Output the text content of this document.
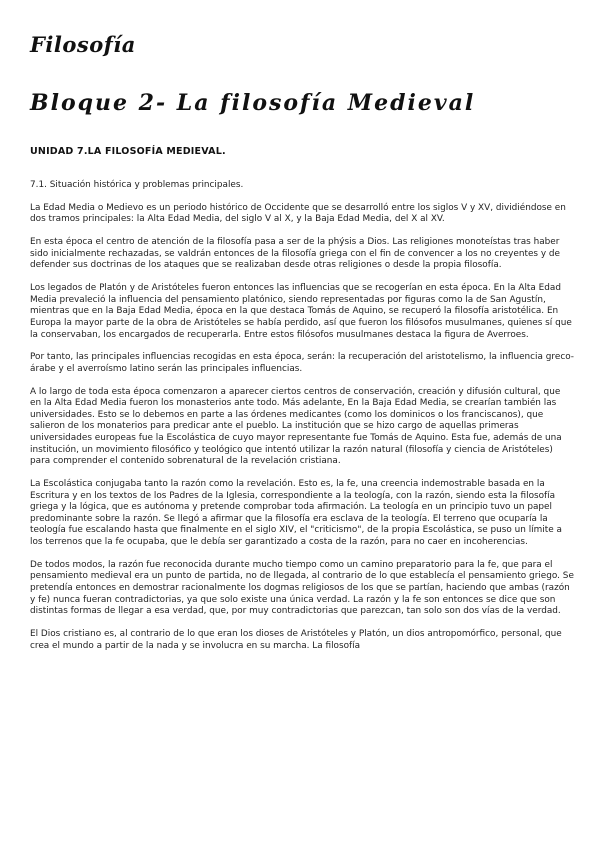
Filosofía
Bloque 2- La filosofía Medieval
UNIDAD 7.LA FILOSOFÍA MEDIEVAL.

7.1. Situación histórica y problemas principales.

La Edad Media o Medievo es un periodo histórico de Occidente que se desarrolló entre los siglos V y XV, dividiéndose en dos tramos principales: la Alta Edad Media, del siglo V al X, y la Baja Edad Media, del X al XV.

En esta época el centro de atención de la filosofía pasa a ser de la phýsis a Dios. Las religiones monoteístas tras haber sido inicialmente rechazadas, se valdrán entonces de la filosofía griega con el fin de convencer a los no creyentes y de defender sus doctrinas de los ataques que se realizaban desde otras religiones o desde la propia filosofía.

Los legados de Platón y de Aristóteles fueron entonces las influencias que se recogerían en esta época. En la Alta Edad Media prevaleció la influencia del pensamiento platónico, siendo representadas por figuras como la de San Agustín, mientras que en la Baja Edad Media, época en la que destaca Tomás de Aquino, se recuperó la filosofía aristotélica. En Europa la mayor parte de la obra de Aristóteles se había perdido, así que fueron los filósofos musulmanes, quienes sí que la conservaban, los encargados de recuperarla. Entre estos filósofos musulmanes destaca la figura de Averroes.

Por tanto, las principales influencias recogidas en esta época, serán: la recuperación del aristotelismo, la influencia greco-árabe y el averroísmo latino serán las principales influencias.

A lo largo de toda esta época comenzaron a aparecer ciertos centros de conservación, creación y difusión cultural, que en la Alta Edad Media fueron los monasterios ante todo. Más adelante, En la Baja Edad Media, se crearían también las universidades. Esto se lo debemos en parte a las órdenes medicantes (como los dominicos o los franciscanos), que salieron de los monaterios para predicar ante el pueblo. La institución que se hizo cargo de aquellas primeras universidades europeas fue la Escolástica de cuyo mayor representante fue Tomás de Aquino. Esta fue, además de una institución, un movimiento filosófico y teológico que intentó utilizar la razón natural (filosofía y ciencia de Aristóteles) para comprender el contenido sobrenatural de la revelación cristiana.

La Escolástica conjugaba tanto la razón como la revelación. Esto es, la fe, una creencia indemostrable basada en la Escritura y en los textos de los Padres de la Iglesia, correspondiente a la teología, con la razón, siendo esta la filosofía griega y la lógica, que es autónoma y pretende comprobar toda afirmación. La teología en un principio tuvo un papel predominante sobre la razón. Se llegó a afirmar que la filosofía era esclava de la teología. El terreno que ocuparía la teología fue escalando hasta que finalmente en el siglo XIV, el "criticismo", de la propia Escolástica, se puso un límite a los terrenos que la fe ocupaba, que le debía ser garantizado a costa de la razón, para no caer en incoherencias.

De todos modos, la razón fue reconocida durante mucho tiempo como un camino preparatorio para la fe, que para el pensamiento medieval era un punto de partida, no de llegada, al contrario de lo que establecía el pensamiento griego. Se pretendía entonces en demostrar racionalmente los dogmas religiosos de los que se partían, haciendo que ambas (razón y fe) nunca fueran contradictorias, ya que solo existe una única verdad. La razón y la fe son entonces se dice que son distintas formas de llegar a esa verdad, que, por muy contradictorias que parezcan, tan solo son dos vías de la verdad.

El Dios cristiano es, al contrario de lo que eran los dioses de Aristóteles y Platón, un dios antropomórfico, personal, que crea el mundo a partir de la nada y se involucra en su marcha. La filosofía
